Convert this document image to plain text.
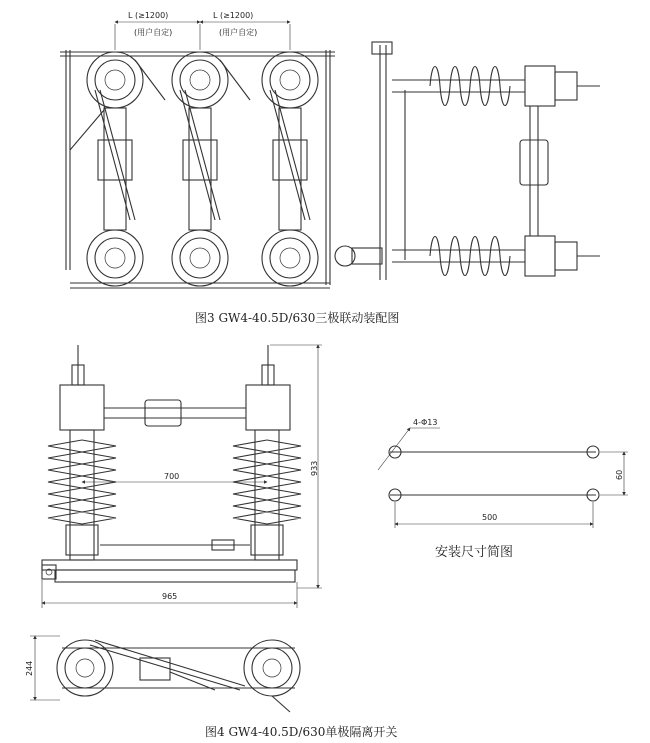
L (≥1200)	L (≥1200)
(用户自定)	(用户自定)
图3 GW4-40.5D/630三极联动装配图
700
933
965
4-Φ13
500
60
安装尺寸简图
244
图4 GW4-40.5D/630单极隔离开关
